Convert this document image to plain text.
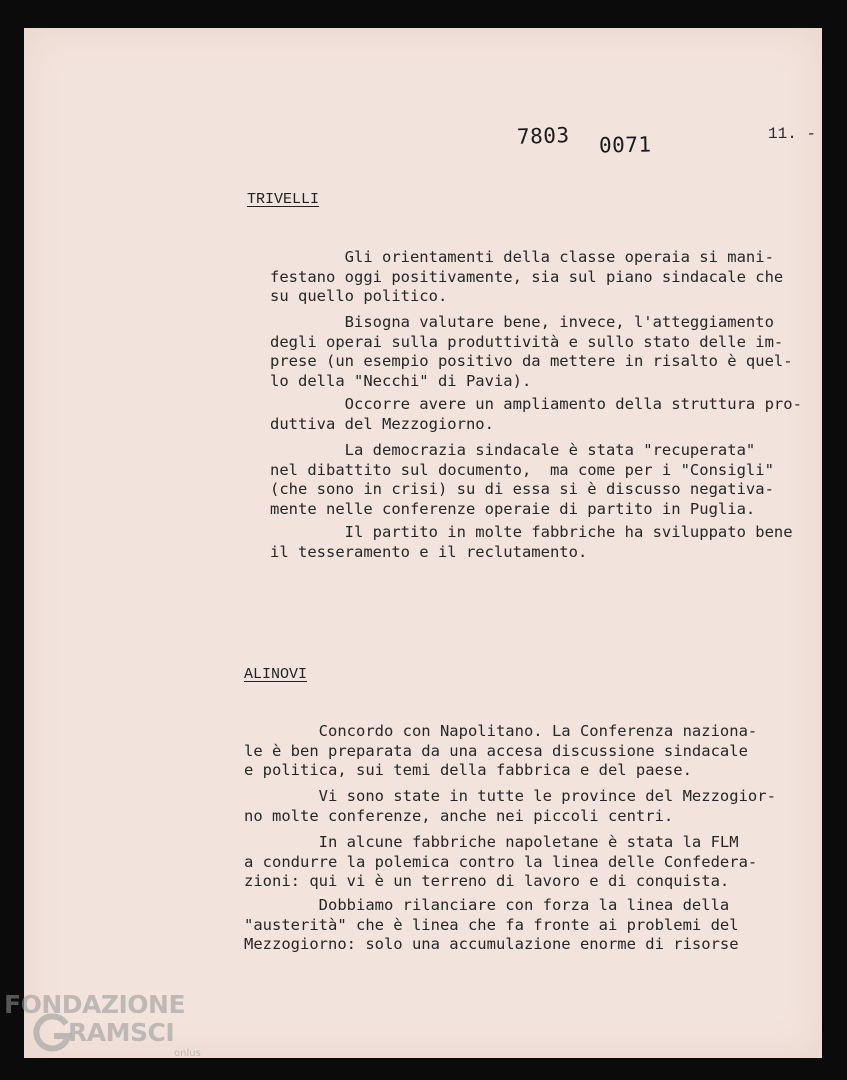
7803 0071	11. -
TRIVELLI
Gli orientamenti della classe operaia si mani-
festano oggi positivamente, sia sul piano sindacale che
su quello politico.
Bisogna valutare bene, invece, l'atteggiamento
degli operai sulla produttività e sullo stato delle im-
prese (un esempio positivo da mettere in risalto è quel-
lo della "Necchi" di Pavia).
Occorre avere un ampliamento della struttura pro-
duttiva del Mezzogiorno.
La democrazia sindacale è stata "recuperata"
nel dibattito sul documento,  ma come per i "Consigli"
(che sono in crisi) su di essa si è discusso negativa-
mente nelle conferenze operaie di partito in Puglia.
Il partito in molte fabbriche ha sviluppato bene
il tesseramento e il reclutamento.
ALINOVI
Concordo con Napolitano. La Conferenza naziona-
le è ben preparata da una accesa discussione sindacale
e politica, sui temi della fabbrica e del paese.
Vi sono state in tutte le province del Mezzogior-
no molte conferenze, anche nei piccoli centri.
In alcune fabbriche napoletane è stata la FLM
a condurre la polemica contro la linea delle Confedera-
zioni: qui vi è un terreno di lavoro e di conquista.
Dobbiamo rilanciare con forza la linea della
"austerità" che è linea che fa fronte ai problemi del
Mezzogiorno: solo una accumulazione enorme di risorse
FONDAZIONE
RAMSCI
onlus
